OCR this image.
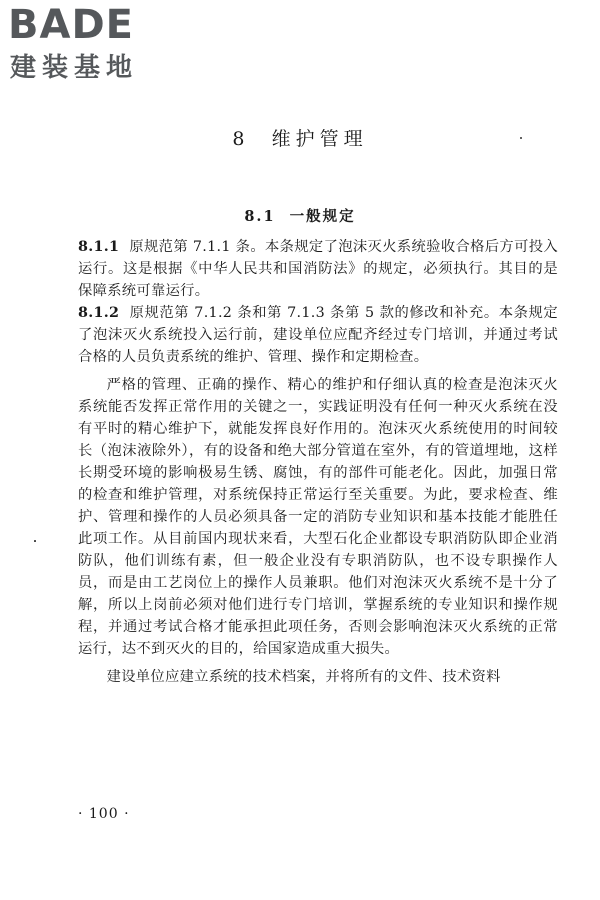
BADE
建装基地
8  维护管理
8.1  一般规定

8.1.1 原规范第 7.1.1 条。本条规定了泡沫灭火系统验收合格后方可投入运行。这是根据《中华人民共和国消防法》的规定，必须执行。其目的是保障系统可靠运行。

8.1.2 原规范第 7.1.2 条和第 7.1.3 条第 5 款的修改和补充。本条规定了泡沫灭火系统投入运行前，建设单位应配齐经过专门培训，并通过考试合格的人员负责系统的维护、管理、操作和定期检查。

严格的管理、正确的操作、精心的维护和仔细认真的检查是泡沫灭火系统能否发挥正常作用的关键之一，实践证明没有任何一种灭火系统在没有平时的精心维护下，就能发挥良好作用的。泡沫灭火系统使用的时间较长（泡沫液除外），有的设备和绝大部分管道在室外，有的管道埋地，这样长期受环境的影响极易生锈、腐蚀，有的部件可能老化。因此，加强日常的检查和维护管理，对系统保持正常运行至关重要。为此，要求检查、维护、管理和操作的人员必须具备一定的消防专业知识和基本技能才能胜任此项工作。从目前国内现状来看，大型石化企业都设专职消防队即企业消防队，他们训练有素，但一般企业没有专职消防队，也不设专职操作人员，而是由工艺岗位上的操作人员兼职。他们对泡沫灭火系统不是十分了解，所以上岗前必须对他们进行专门培训，掌握系统的专业知识和操作规程，并通过考试合格才能承担此项任务，否则会影响泡沫灭火系统的正常运行，达不到灭火的目的，给国家造成重大损失。

建设单位应建立系统的技术档案，并将所有的文件、技术资料

· 100 ·
